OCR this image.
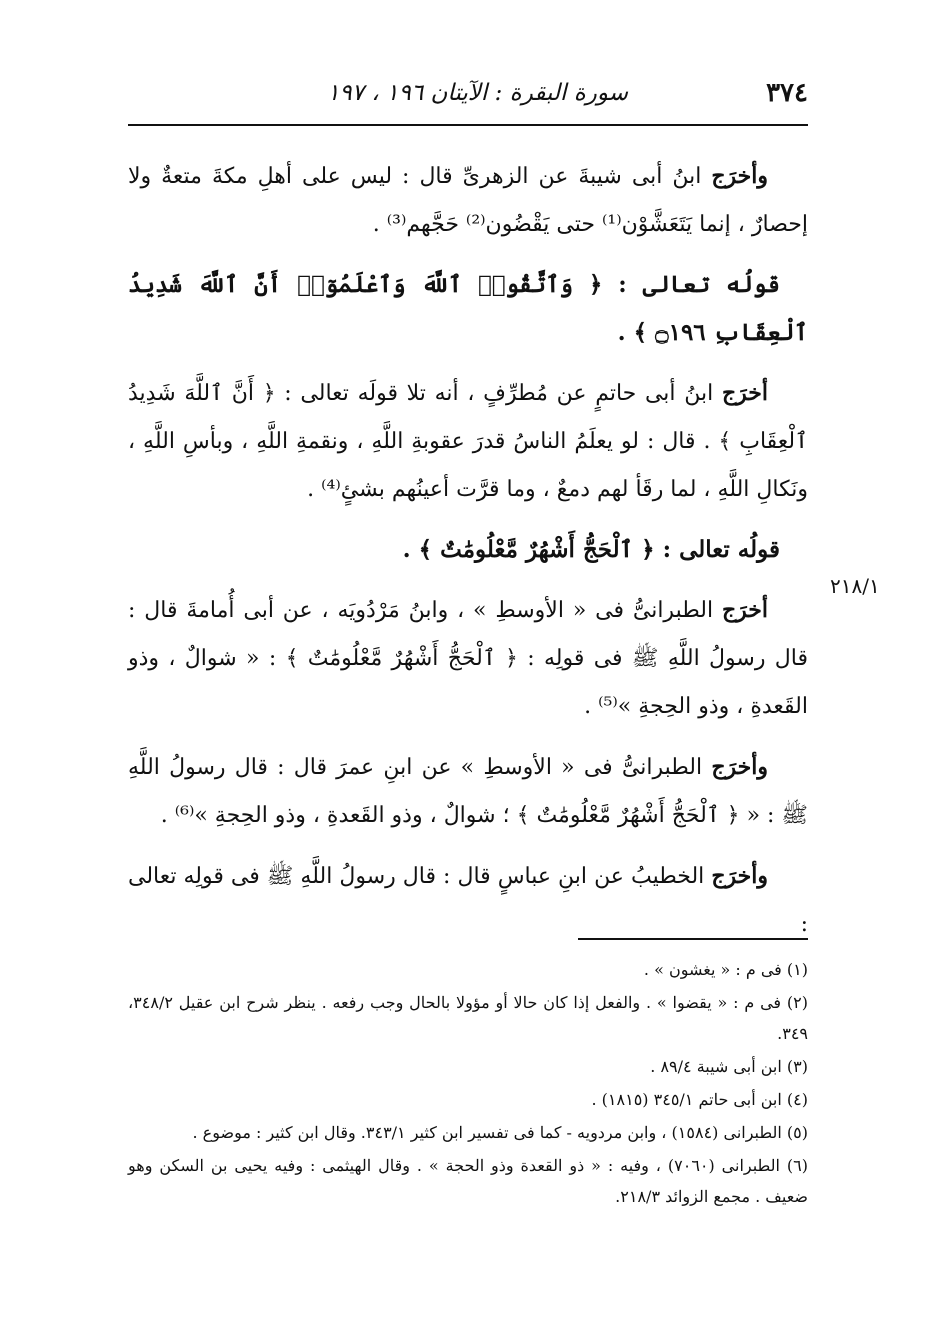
٣٧٤
سورة البقرة : الآيتان ١٩٦ ، ١٩٧
٢١٨/١

وأخرَج ابنُ أبى شيبةَ عن الزهرىِّ قال : ليس على أهلِ مكةَ متعةٌ ولا إحصارٌ ، إنما يَتَعَشَّوْن⁽¹⁾ حتى يَقْضُون⁽²⁾ حَجَّهم⁽³⁾ .

قولُه تعالى : ﴿ وَٱتَّقُوا۟ ٱللَّهَ وَٱعْلَمُوٓا۟ أَنَّ ٱللَّهَ شَدِيدُ ٱلْعِقَابِ ۝١٩٦ ﴾ .

أخرَج ابنُ أبى حاتمٍ عن مُطرِّفٍ ، أنه تلا قولَه تعالى : ﴿ أَنَّ ٱللَّهَ شَدِيدُ ٱلْعِقَابِ ﴾ . قال : لو يعلَمُ الناسُ قدرَ عقوبةِ اللَّهِ ، ونقمةِ اللَّهِ ، وبأسِ اللَّهِ ، ونَكالِ اللَّهِ ، لما رقَأ لهم دمعٌ ، وما قرَّت أعينُهم بشئٍ⁽⁴⁾ .

قولُه تعالى : ﴿ ٱلْحَجُّ أَشْهُرٌ مَّعْلُومَٰتٌ ﴾ .

أخرَج الطبرانىُّ فى « الأوسطِ » ، وابنُ مَرْدُويَه ، عن أبى أُمامةَ قال : قال رسولُ اللَّهِ ﷺ فى قولِه : ﴿ ٱلْحَجُّ أَشْهُرٌ مَّعْلُومَٰتٌ ﴾ : « شوالٌ ، وذو القَعدةِ ، وذو الحِجةِ »⁽⁵⁾ .

وأخرَج الطبرانىُّ فى « الأوسطِ » عن ابنِ عمرَ قال : قال رسولُ اللَّهِ ﷺ : « ﴿ ٱلْحَجُّ أَشْهُرٌ مَّعْلُومَٰتٌ ﴾ ؛ شوالٌ ، وذو القَعدةِ ، وذو الحِجةِ »⁽⁶⁾ .

وأخرَج الخطيبُ عن ابنِ عباسٍ قال : قال رسولُ اللَّهِ ﷺ فى قولِه تعالى :

(١) فى م : « يغشون » .

(٢) فى م : « يقضوا » . والفعل إذا كان حالا أو مؤولا بالحال وجب رفعه . ينظر شرح ابن عقيل ٣٤٨/٢، ٣٤٩.

(٣) ابن أبى شيبة ٨٩/٤ .

(٤) ابن أبى حاتم ٣٤٥/١ (١٨١٥) .

(٥) الطبرانى (١٥٨٤) ، وابن مردويه - كما فى تفسير ابن كثير ٣٤٣/١. وقال ابن كثير : موضوع .

(٦) الطبرانى (٧٠٦٠) ، وفيه : « ذو القعدة وذو الحجة » . وقال الهيثمى : وفيه يحيى بن السكن وهو ضعيف . مجمع الزوائد ٢١٨/٣.
